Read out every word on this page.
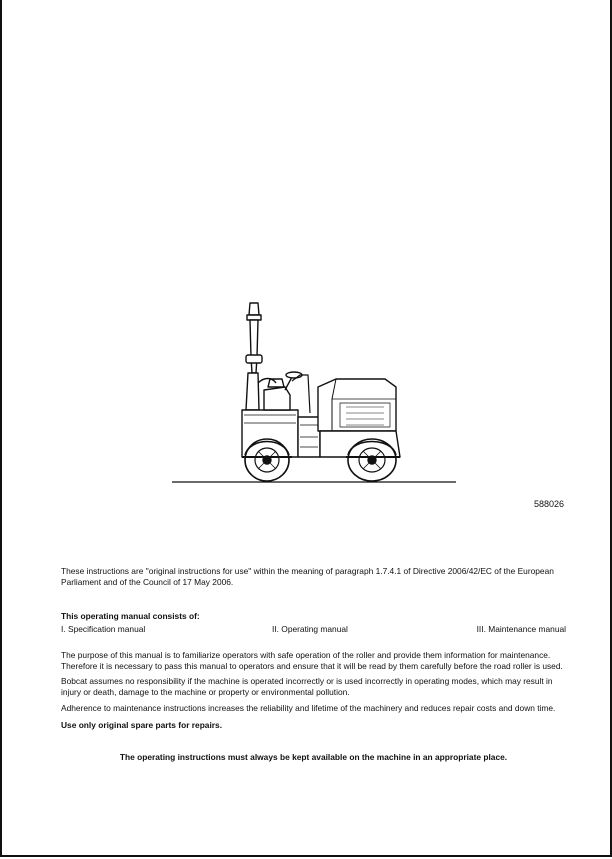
588026
These instructions are "original instructions for use" within the meaning of paragraph 1.7.4.1 of Directive 2006/42/EC of the European Parliament and of the Council of 17 May 2006.
This operating manual consists of:
I. Specification manual	II. Operating manual	III. Maintenance manual
The purpose of this manual is to familiarize operators with safe operation of the roller and provide them information for maintenance. Therefore it is necessary to pass this manual to operators and ensure that it will be read by them carefully before the road roller is used.
Bobcat assumes no responsibility if the machine is operated incorrectly or is used incorrectly in operating modes, which may result in injury or death, damage to the machine or property or environmental pollution.
Adherence to maintenance instructions increases the reliability and lifetime of the machinery and reduces repair costs and down time.
Use only original spare parts for repairs.
The operating instructions must always be kept available on the machine in an appropriate place.
